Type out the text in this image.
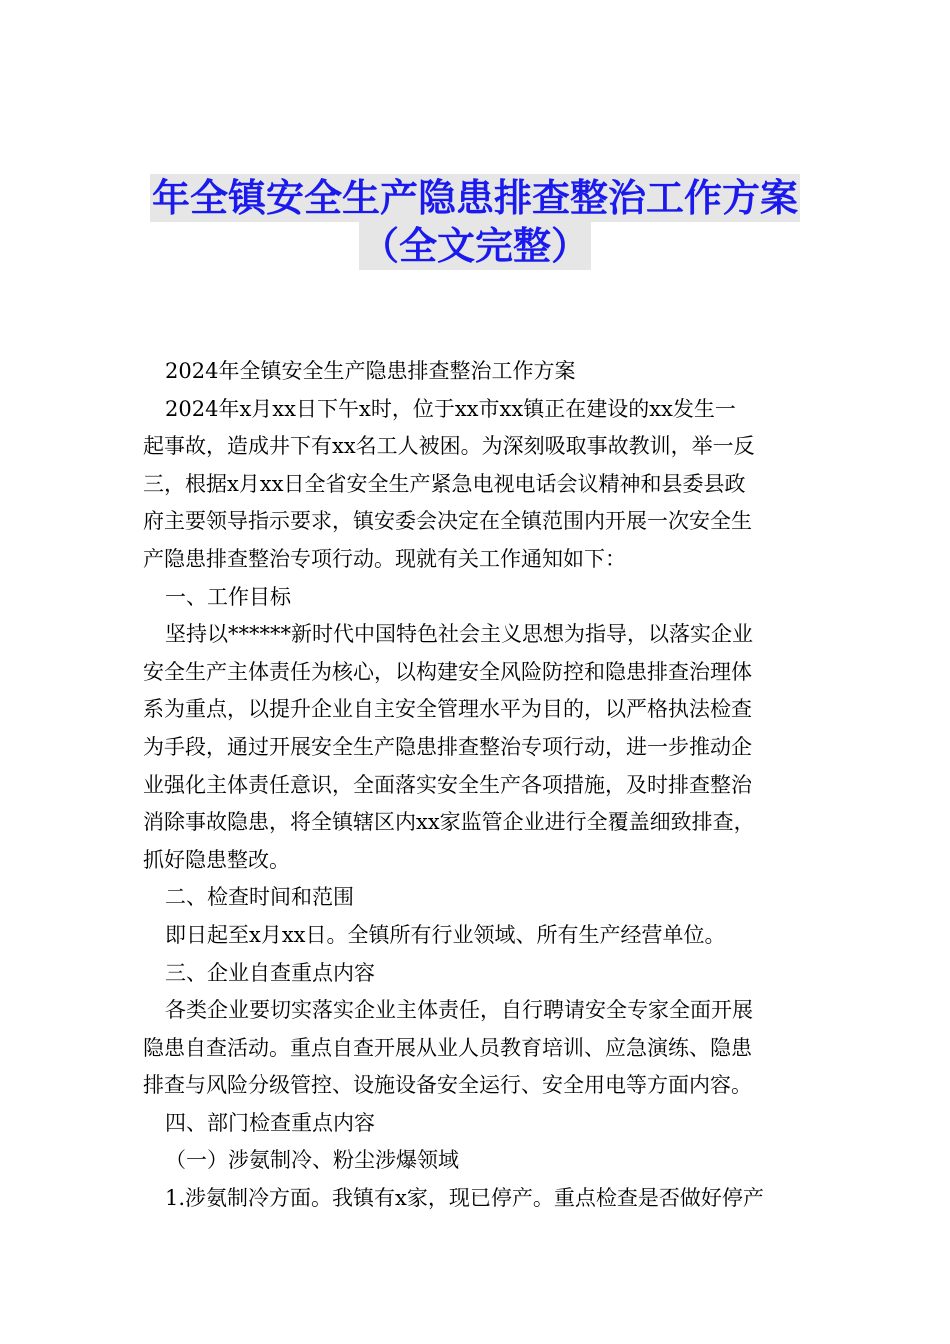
年全镇安全生产隐患排查整治工作方案
（全文完整）

2024年全镇安全生产隐患排查整治工作方案

2024年x月xx日下午x时，位于xx市xx镇正在建设的xx发生一

起事故，造成井下有xx名工人被困。为深刻吸取事故教训，举一反

三，根据x月xx日全省安全生产紧急电视电话会议精神和县委县政

府主要领导指示要求，镇安委会决定在全镇范围内开展一次安全生

产隐患排查整治专项行动。现就有关工作通知如下：

一、工作目标

坚持以******新时代中国特色社会主义思想为指导，以落实企业

安全生产主体责任为核心，以构建安全风险防控和隐患排查治理体

系为重点，以提升企业自主安全管理水平为目的，以严格执法检查

为手段，通过开展安全生产隐患排查整治专项行动，进一步推动企

业强化主体责任意识，全面落实安全生产各项措施，及时排查整治

消除事故隐患，将全镇辖区内xx家监管企业进行全覆盖细致排查，

抓好隐患整改。

二、检查时间和范围

即日起至x月xx日。全镇所有行业领域、所有生产经营单位。

三、企业自查重点内容

各类企业要切实落实企业主体责任，自行聘请安全专家全面开展

隐患自查活动。重点自查开展从业人员教育培训、应急演练、隐患

排查与风险分级管控、设施设备安全运行、安全用电等方面内容。

四、部门检查重点内容

（一）涉氨制冷、粉尘涉爆领域

1.涉氨制冷方面。我镇有x家，现已停产。重点检查是否做好停产
